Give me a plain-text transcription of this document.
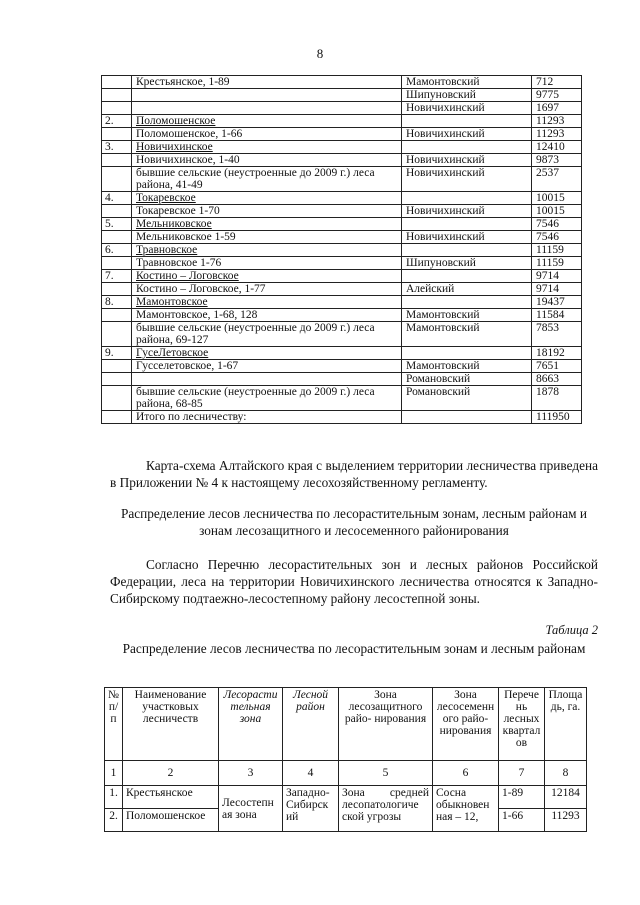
8
	Крестьянское, 1-89	Мамонтовский	712
		Шипуновский	9775
		Новичихинский	1697
2.	Поломошенское		11293
	Поломошенское, 1-66	Новичихинский	11293
3.	Новичихинское		12410
	Новичихинское, 1-40	Новичихинский	9873
	бывшие сельские (неустроенные до 2009 г.) леса района, 41-49	Новичихинский	2537
4.	Токаревское		10015
	Токаревское 1-70	Новичихинский	10015
5.	Мельниковское		7546
	Мельниковское 1-59	Новичихинский	7546
6.	Травновское		11159
	Травновское 1-76	Шипуновский	11159
7.	Костино – Логовское		9714
	Костино – Логовское, 1-77	Алейский	9714
8.	Мамонтовское		19437
	Мамонтовское, 1-68, 128	Мамонтовский	11584
	бывшие сельские (неустроенные до 2009 г.) леса района, 69-127	Мамонтовский	7853
9.	ГусеЛетовское		18192
	Гусселетовское, 1-67	Мамонтовский	7651
		Романовский	8663
	бывшие сельские (неустроенные до 2009 г.) леса района, 68-85	Романовский	1878
	Итого по лесничеству:		111950

Карта-схема Алтайского края с выделением территории лесничества приведена в Приложении № 4 к настоящему лесохозяйственному регламенту.

Распределение лесов лесничества по лесорастительным зонам, лесным районам и зонам лесозащитного и лесосеменного районирования

Согласно Перечню лесорастительных зон и лесных районов Российской Федерации, леса на территории Новичихинского лесничества относятся к Западно-Сибирскому подтаежно-лесостепному району лесостепной зоны.

Таблица 2
Распределение лесов лесничества по лесорастительным зонам и лесным районам
№ п/ п	Наименование участковых лесничеств	Лесорасти тельная зона	Лесной район	Зона лесозащитного райо- нирования	Зона лесосеменн ого райо- нирования	Перече нь лесных квартал ов	Площа дь, га.
1	2	3	4	5	6	7	8
1.	Крестьянское	Лесостепн ая зона	Западно- Сибирск ий	Зона средней лесопатологиче ской угрозы	Сосна обыкновен ная – 12,	1-89	12184
2.	Поломошенское					1-66	11293
